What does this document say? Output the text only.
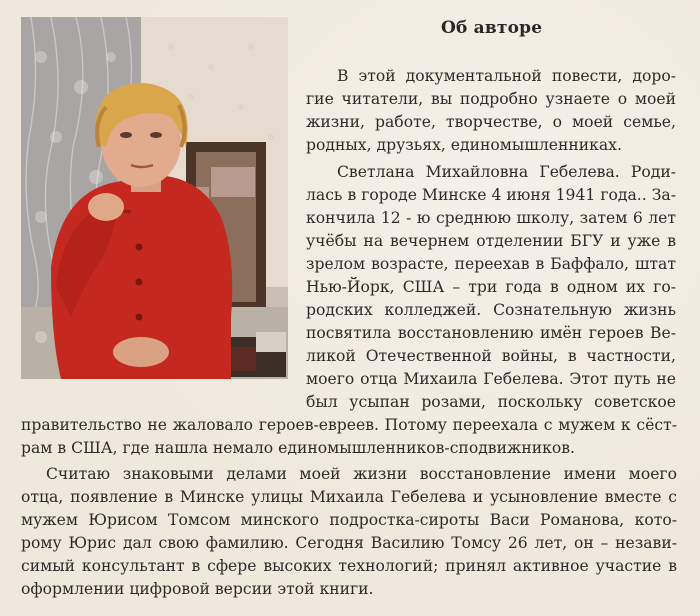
Об авторе
В этой документальной повести, доро-
гие читатели, вы подробно узнаете о моей
жизни, работе, творчестве, о моей семье,
родных, друзьях, единомышленниках.
Светлана Михайловна Гебелева. Роди-
лась в городе Минске 4 июня 1941 года.. За-
кончила 12 - ю среднюю школу, затем 6 лет
учёбы на вечернем отделении БГУ и уже в
зрелом возрасте, переехав в Баффало, штат
Нью-Йорк, США – три года в одном их го-
родских колледжей. Сознательную жизнь
посвятила восстановлению имён героев Ве-
ликой Отечественной войны, в частности,
моего отца Михаила Гебелева. Этот путь не
был усыпан розами, поскольку советское
правительство не жаловало героев-евреев. Потому переехала с мужем к сёст-
рам в США, где нашла немало единомышленников-сподвижников.
Считаю знаковыми делами моей жизни восстановление имени моего
отца, появление в Минске улицы Михаила Гебелева и усыновление вместе с
мужем Юрисом Томсом минского подростка-сироты Васи Романова, кото-
рому Юрис дал свою фамилию. Сегодня Василию Томсу 26 лет, он – незави-
симый консультант в сфере высоких технологий; принял активное участие в
оформлении цифровой версии этой книги.
